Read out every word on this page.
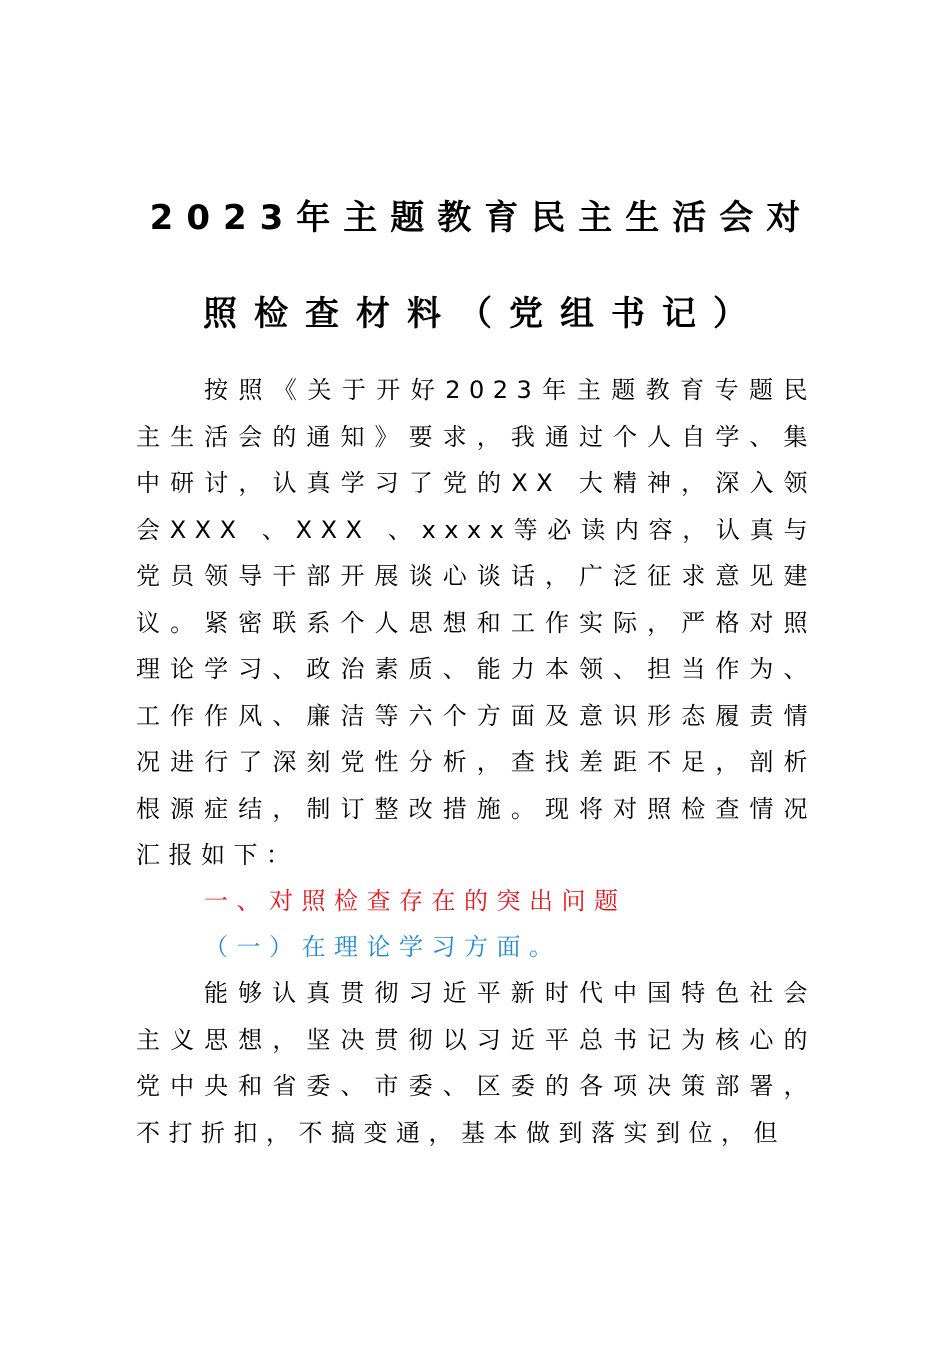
2023年主题教育民主生活会对
照检查材料（党组书记）

按照《关于开好2023年主题教育专题民主生活会的通知》要求，我通过个人自学、集中研讨，认真学习了党的XX 大精神，深入领会XXX 、XXX 、xxxx等必读内容，认真与党员领导干部开展谈心谈话，广泛征求意见建议。紧密联系个人思想和工作实际，严格对照理论学习、政治素质、能力本领、担当作为、工作作风、廉洁等六个方面及意识形态履责情况进行了深刻党性分析，查找差距不足，剖析根源症结，制订整改措施。现将对照检查情况汇报如下：

一、对照检查存在的突出问题
（一）在理论学习方面。

能够认真贯彻习近平新时代中国特色社会主义思想，坚决贯彻以习近平总书记为核心的党中央和省委、市委、区委的各项决策部署，不打折扣，不搞变通，基本做到落实到位，但
